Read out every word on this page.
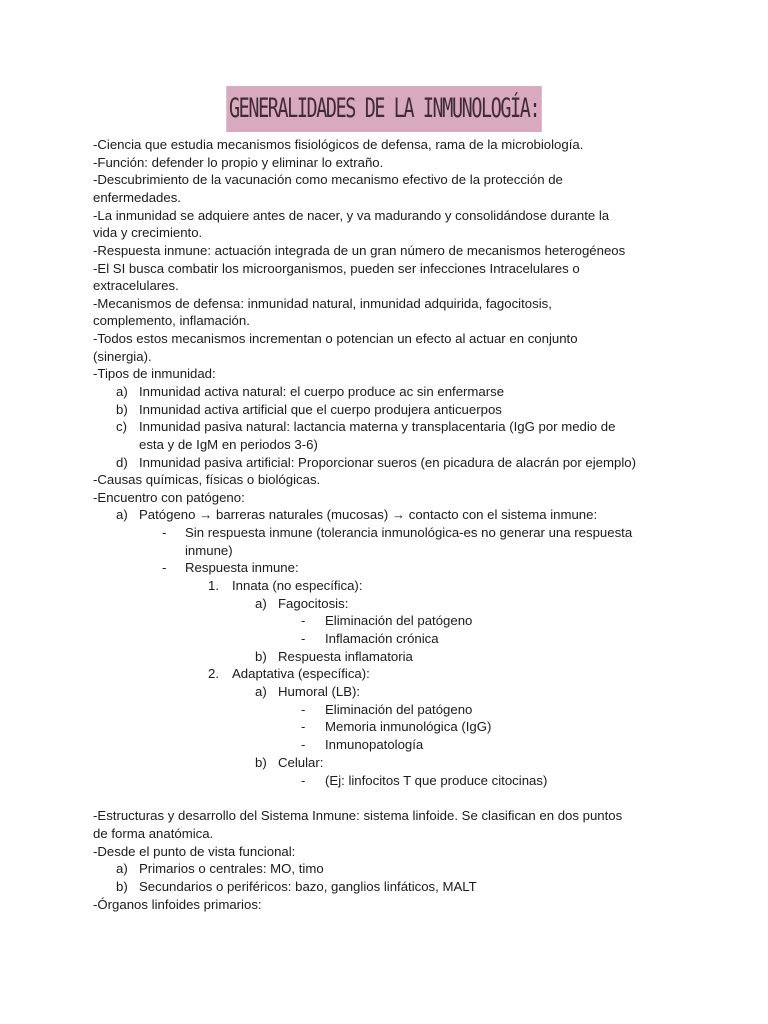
GENERALIDADES DE LA INMUNOLOGÍA:
-Ciencia que estudia mecanismos fisiológicos de defensa, rama de la microbiología.
-Función: defender lo propio y eliminar lo extraño.
-Descubrimiento de la vacunación como mecanismo efectivo de la protección de
enfermedades.
-La inmunidad se adquiere antes de nacer, y va madurando y consolidándose durante la
vida y crecimiento.
-Respuesta inmune: actuación integrada de un gran número de mecanismos heterogéneos
-El SI busca combatir los microorganismos, pueden ser infecciones Intracelulares o
extracelulares.
-Mecanismos de defensa: inmunidad natural, inmunidad adquirida, fagocitosis,
complemento, inflamación.
-Todos estos mecanismos incrementan o potencian un efecto al actuar en conjunto
(sinergia).
-Tipos de inmunidad:
a) Inmunidad activa natural: el cuerpo produce ac sin enfermarse
b) Inmunidad activa artificial que el cuerpo produjera anticuerpos
c) Inmunidad pasiva natural: lactancia materna y transplacentaria (IgG por medio de
esta y de IgM en periodos 3-6)
d) Inmunidad pasiva artificial: Proporcionar sueros (en picadura de alacrán por ejemplo)
-Causas químicas, físicas o biológicas.
-Encuentro con patógeno:
a) Patógeno → barreras naturales (mucosas) → contacto con el sistema inmune:
- Sin respuesta inmune (tolerancia inmunológica-es no generar una respuesta
inmune)
- Respuesta inmune:
1. Innata (no específica):
a) Fagocitosis:
- Eliminación del patógeno
- Inflamación crónica
b) Respuesta inflamatoria
2. Adaptativa (específica):
a) Humoral (LB):
- Eliminación del patógeno
- Memoria inmunológica (IgG)
- Inmunopatología
b) Celular:
- (Ej: linfocitos T que produce citocinas)
-Estructuras y desarrollo del Sistema Inmune: sistema linfoide. Se clasifican en dos puntos
de forma anatómica.
-Desde el punto de vista funcional:
a) Primarios o centrales: MO, timo
b) Secundarios o periféricos: bazo, ganglios linfáticos, MALT
-Órganos linfoides primarios:
